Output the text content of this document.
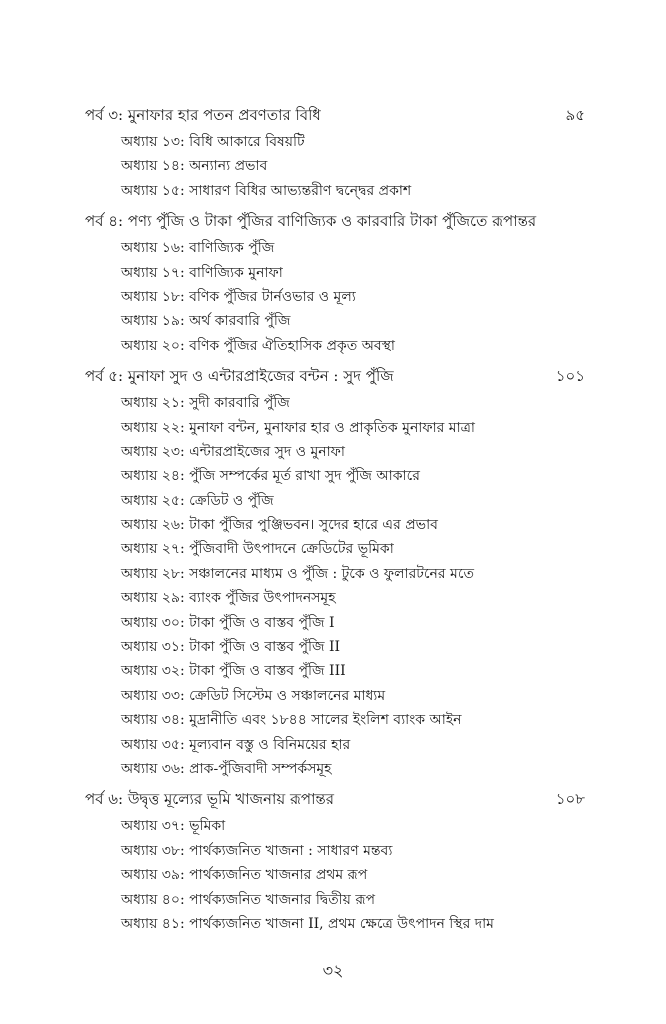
পর্ব ৩: মুনাফার হার পতন প্রবণতার বিধি	৯৫
অধ্যায় ১৩: বিধি আকারে বিষয়টি
অধ্যায় ১৪: অন্যান্য প্রভাব
অধ্যায় ১৫: সাধারণ বিধির আভ্যন্তরীণ দ্বন্দ্বের প্রকাশ
পর্ব ৪: পণ্য পুঁজি ও টাকা পুঁজির বাণিজ্যিক ও কারবারি টাকা পুঁজিতে রূপান্তর
অধ্যায় ১৬: বাণিজ্যিক পুঁজি
অধ্যায় ১৭: বাণিজ্যিক মুনাফা
অধ্যায় ১৮: বণিক পুঁজির টার্নওভার ও মূল্য
অধ্যায় ১৯: অর্থ কারবারি পুঁজি
অধ্যায় ২০: বণিক পুঁজির ঐতিহাসিক প্রকৃত অবস্থা
পর্ব ৫: মুনাফা সুদ ও এন্টারপ্রাইজের বন্টন : সুদ পুঁজি	১০১
অধ্যায় ২১: সুদী কারবারি পুঁজি
অধ্যায় ২২: মুনাফা বন্টন, মুনাফার হার ও প্রাকৃতিক মুনাফার মাত্রা
অধ্যায় ২৩: এন্টারপ্রাইজের সুদ ও মুনাফা
অধ্যায় ২৪: পুঁজি সম্পর্কের মূর্ত রাখা সুদ পুঁজি আকারে
অধ্যায় ২৫: ক্রেডিট ও পুঁজি
অধ্যায় ২৬: টাকা পুঁজির পুঞ্জিভবন। সুদের হারে এর প্রভাব
অধ্যায় ২৭: পুঁজিবাদী উৎপাদনে ক্রেডিটের ভূমিকা
অধ্যায় ২৮: সঞ্চালনের মাধ্যম ও পুঁজি : টুকে ও ফুলারটনের মতে
অধ্যায় ২৯: ব্যাংক পুঁজির উৎপাদনসমূহ
অধ্যায় ৩০: টাকা পুঁজি ও বাস্তব পুঁজি I
অধ্যায় ৩১: টাকা পুঁজি ও বাস্তব পুঁজি II
অধ্যায় ৩২: টাকা পুঁজি ও বাস্তব পুঁজি III
অধ্যায় ৩৩: ক্রেডিট সিস্টেম ও সঞ্চালনের মাধ্যম
অধ্যায় ৩৪: মুদ্রানীতি এবং ১৮৪৪ সালের ইংলিশ ব্যাংক আইন
অধ্যায় ৩৫: মূল্যবান বস্তু ও বিনিময়ের হার
অধ্যায় ৩৬: প্রাক-পুঁজিবাদী সম্পর্কসমূহ
পর্ব ৬: উদ্বৃত্ত মূল্যের ভূমি খাজনায় রূপান্তর	১০৮
অধ্যায় ৩৭: ভূমিকা
অধ্যায় ৩৮: পার্থক্যজনিত খাজনা : সাধারণ মন্তব্য
অধ্যায় ৩৯: পার্থক্যজনিত খাজনার প্রথম রূপ
অধ্যায় ৪০: পার্থক্যজনিত খাজনার দ্বিতীয় রূপ
অধ্যায় ৪১: পার্থক্যজনিত খাজনা II, প্রথম ক্ষেত্রে উৎপাদন স্থির দাম
৩২
